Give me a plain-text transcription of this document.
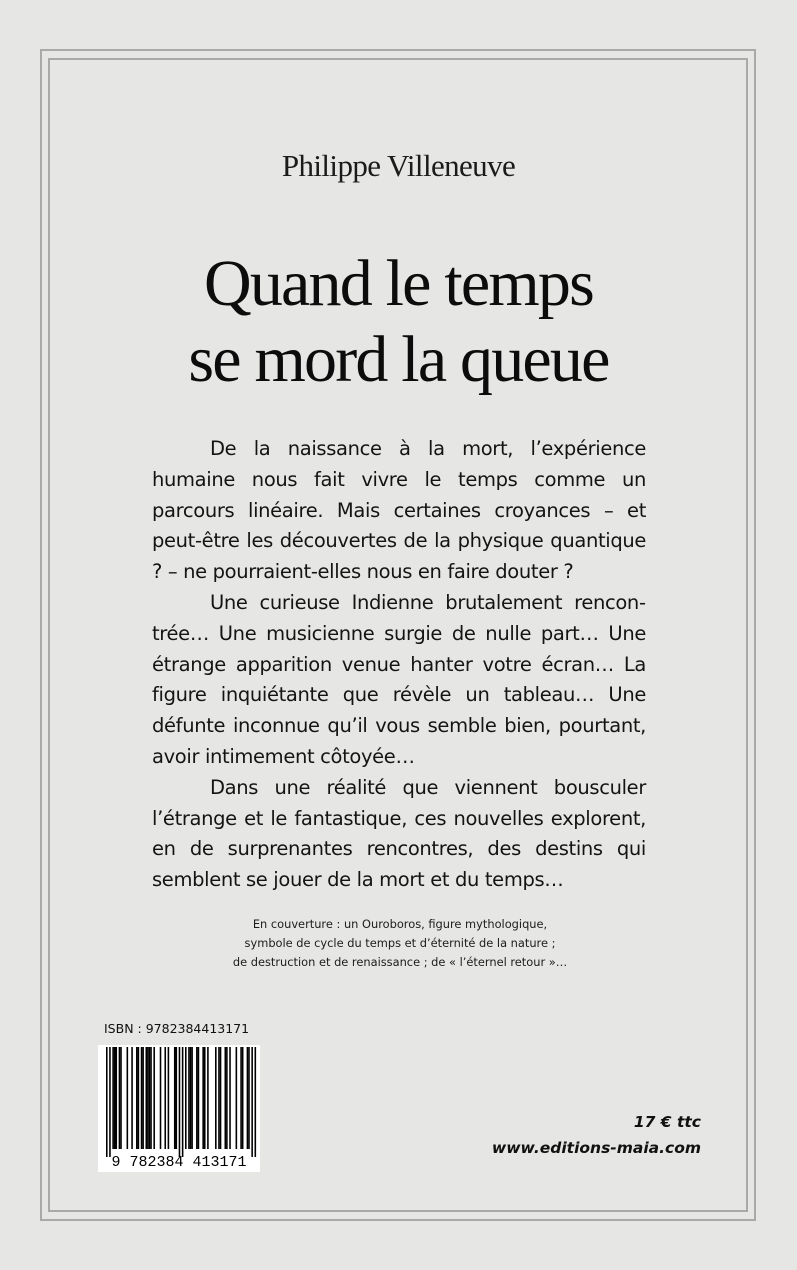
Philippe Villeneuve
Quand le temps
se mord la queue

De la naissance à la mort, l’expérience humaine nous fait vivre le temps comme un parcours linéaire. Mais certaines croyances – et peut-être les découvertes de la physique quantique ? – ne pourraient-elles nous en faire douter ?

Une curieuse Indienne brutalement rencontrée… Une musicienne surgie de nulle part… Une étrange apparition venue hanter votre écran… La figure inquiétante que révèle un tableau… Une défunte inconnue qu’il vous semble bien, pourtant, avoir intimement côtoyée…

Dans une réalité que viennent bousculer l’étrange et le fantastique, ces nouvelles explorent, en de surprenantes rencontres, des destins qui semblent se jouer de la mort et du temps…

En couverture : un Ouroboros, figure mythologique,
symbole de cycle du temps et d’éternité de la nature ;
de destruction et de renaissance ; de « l’éternel retour »…
ISBN : 9782384413171
9 782384 413171
17 € ttc
www.editions-maia.com
